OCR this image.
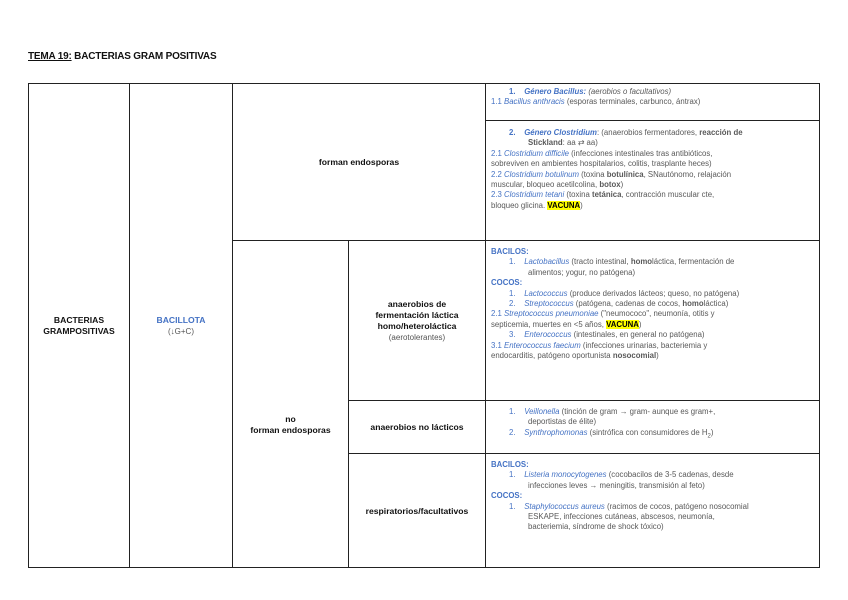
TEMA 19: BACTERIAS GRAM POSITIVAS
BACTERIAS
GRAMPOSITIVAS
BACILLOTA
(↓G+C)
forman endosporas
no
forman endosporas
anaerobios de
fermentación láctica
homo/heteroláctica
(aerotolerantes)
anaerobios no lácticos
respiratorios/facultativos
1. Género Bacillus: (aerobios o facultativos)
1.1 Bacillus anthracis (esporas terminales, carbunco, ántrax)
2. Género Clostridium: (anaerobios fermentadores, reacción de
Stickland: aa ⇄ aa)
2.1 Clostridium difficile (infecciones intestinales tras antibióticos,
sobreviven en ambientes hospitalarios, colitis, trasplante heces)
2.2 Clostridium botulinum (toxina botulínica, SNautónomo, relajación
muscular, bloqueo acetilcolina, botox)
2.3 Clostridium tetani (toxina tetánica, contracción muscular cte,
bloqueo glicina. VACUNA)
BACILOS:
1. Lactobacillus (tracto intestinal, homoláctica, fermentación de
alimentos; yogur, no patógena)
COCOS:
1. Lactococcus (produce derivados lácteos; queso, no patógena)
2. Streptococcus (patógena, cadenas de cocos, homoláctica)
2.1 Streptococcus pneumoniae ("neumococo", neumonía, otitis y
septicemia, muertes en <5 años, VACUNA)
3. Enterococcus (intestinales, en general no patógena)
3.1 Enterococcus faecium (infecciones urinarias, bacteriemia y
endocarditis, patógeno oportunista nosocomial)
1. Veillonella (tinción de gram → gram- aunque es gram+,
deportistas de élite)
2. Synthrophomonas (sintrófica con consumidores de $H_2$)
BACILOS:
1. Listeria monocytogenes (cocobacilos de 3-5 cadenas, desde
infecciones leves → meningitis, transmisión al feto)
COCOS:
1. Staphylococcus aureus (racimos de cocos, patógeno nosocomial
ESKAPE, infecciones cutáneas, abscesos, neumonía,
bacteriemia, síndrome de shock tóxico)
